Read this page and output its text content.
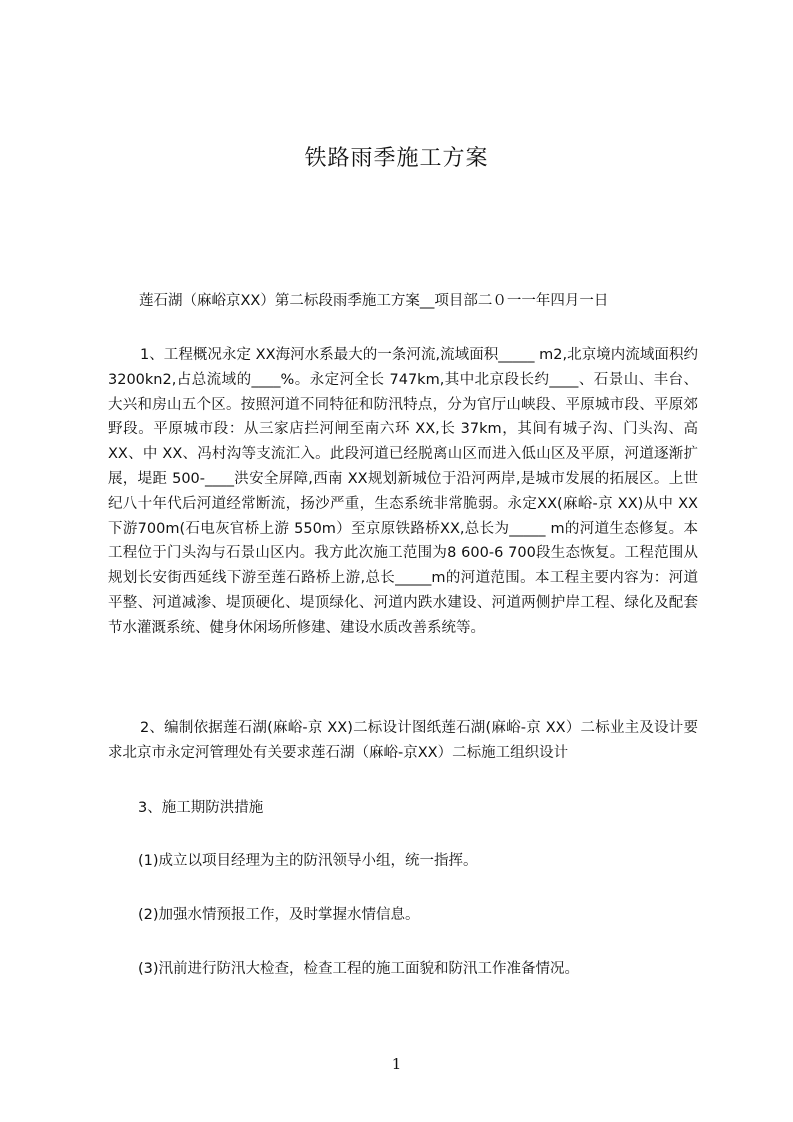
铁路雨季施工方案
莲石湖（麻峪京XX）第二标段雨季施工方案__项目部二０一一年四月一日
1、工程概况永定 XX海河水系最大的一条河流,流域面积_____ m2,北京境内流域面积约 3200kn2,占总流域的____%。永定河全长 747km,其中北京段长约____、石景山、丰台、大兴和房山五个区。按照河道不同特征和防汛特点，分为官厅山峡段、平原城市段、平原郊野段。平原城市段：从三家店拦河闸至南六环 XX,长 37km，其间有城子沟、门头沟、高XX、中 XX、冯村沟等支流汇入。此段河道已经脱离山区而进入低山区及平原，河道逐渐扩展，堤距 500-____洪安全屏障,西南 XX规划新城位于沿河两岸,是城市发展的拓展区。上世纪八十年代后河道经常断流，扬沙严重，生态系统非常脆弱。永定XX(麻峪-京 XX)从中 XX下游700m(石电灰官桥上游 550m）至京原铁路桥XX,总长为_____ m的河道生态修复。本工程位于门头沟与石景山区内。我方此次施工范围为8 600-6 700段生态恢复。工程范围从规划长安街西延线下游至莲石路桥上游,总长_____m的河道范围。本工程主要内容为：河道平整、河道减渗、堤顶硬化、堤顶绿化、河道内跌水建设、河道两侧护岸工程、绿化及配套节水灌溉系统、健身休闲场所修建、建设水质改善系统等。
2、编制依据莲石湖(麻峪-京 XX)二标设计图纸莲石湖(麻峪-京 XX）二标业主及设计要求北京市永定河管理处有关要求莲石湖（麻峪-京XX）二标施工组织设计
3、施工期防洪措施
(1)成立以项目经理为主的防汛领导小组，统一指挥。
(2)加强水情预报工作，及时掌握水情信息。
(3)汛前进行防汛大检查，检查工程的施工面貌和防汛工作准备情况。
1
